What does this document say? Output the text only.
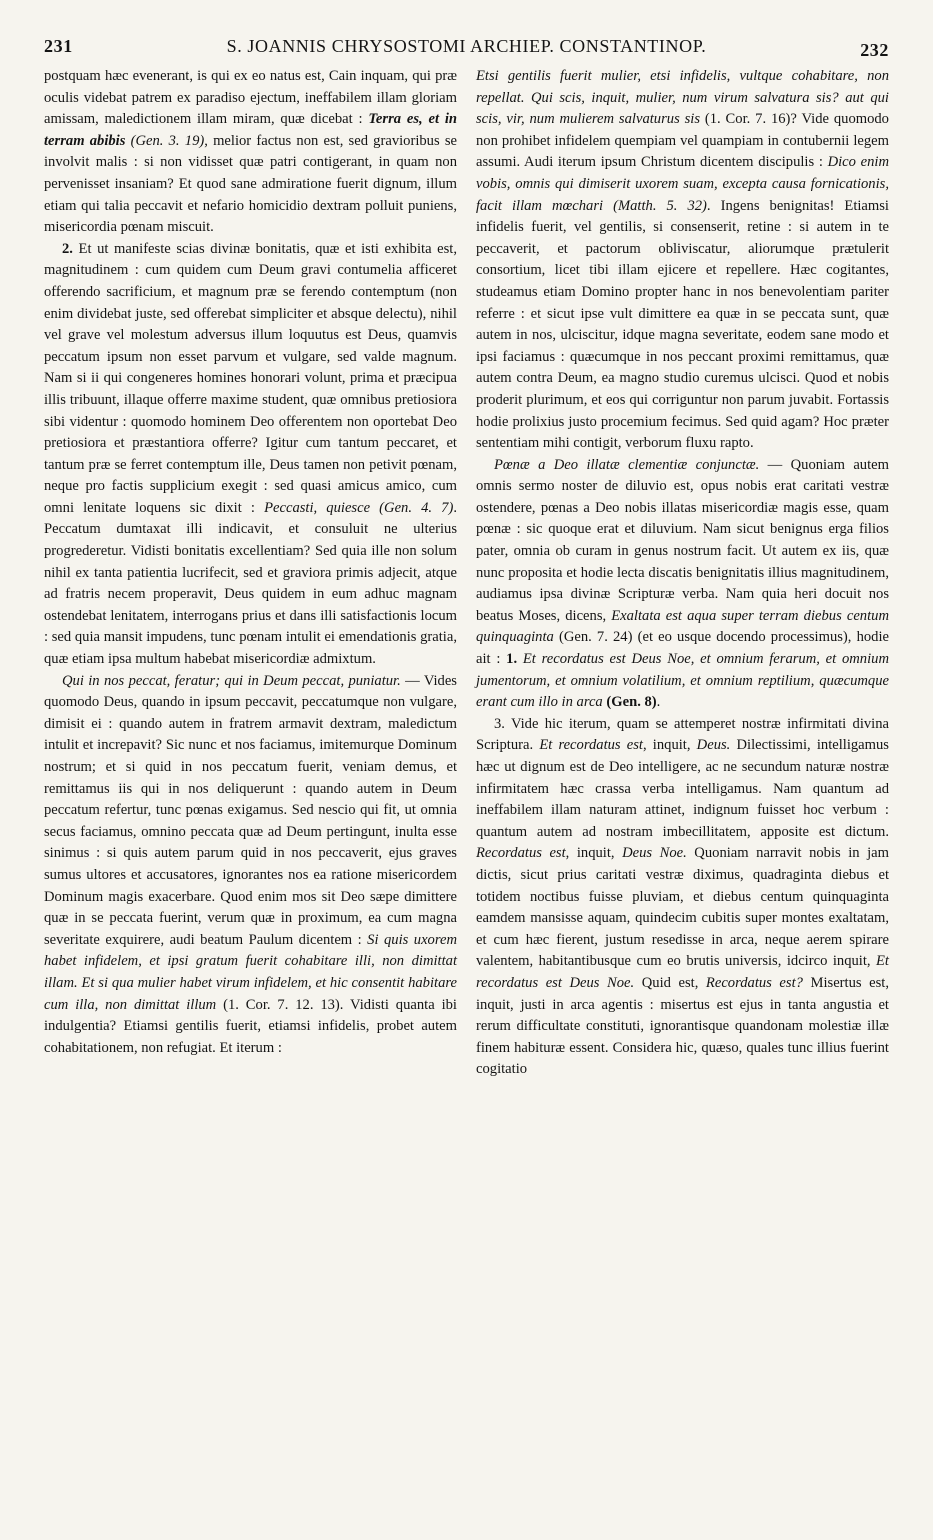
231	S. JOANNIS CHRYSOSTOMI ARCHIEP. CONSTANTINOP.	232

postquam hæc evenerant, is qui ex eo natus est, Cain inquam, qui præ oculis videbat patrem ex paradiso ejectum, ineffabilem illam gloriam amissam, maledictionem illam miram, quæ dicebat : Terra es, et in terram abibis (Gen. 3. 19), melior factus non est, sed gravioribus se involvit malis : si non vidisset quæ patri contigerant, in quam non pervenisset insaniam? Et quod sane admiratione fuerit dignum, illum etiam qui talia peccavit et nefario homicidio dextram polluit puniens, misericordia pœnam miscuit.

2. Et ut manifeste scias divinæ bonitatis, quæ et isti exhibita est, magnitudinem : cum quidem cum Deum gravi contumelia afficeret offerendo sacrificium, et magnum præ se ferendo contemptum (non enim dividebat juste, sed offerebat simpliciter et absque delectu), nihil vel grave vel molestum adversus illum loquutus est Deus, quamvis peccatum ipsum non esset parvum et vulgare, sed valde magnum. Nam si ii qui congeneres homines honorari volunt, prima et præcipua illis tribuunt, illaque offerre maxime student, quæ omnibus pretiosiora sibi videntur : quomodo hominem Deo offerentem non oportebat Deo pretiosiora et præstantiora offerre? Igitur cum tantum peccaret, et tantum præ se ferret contemptum ille, Deus tamen non petivit pœnam, neque pro factis supplicium exegit : sed quasi amicus amico, cum omni lenitate loquens sic dixit : Peccasti, quiesce (Gen. 4. 7). Peccatum dumtaxat illi indicavit, et consuluit ne ulterius progrederetur. Vidisti bonitatis excellentiam? Sed quia ille non solum nihil ex tanta patientia lucrifecit, sed et graviora primis adjecit, atque ad fratris necem properavit, Deus quidem in eum adhuc magnam ostendebat lenitatem, interrogans prius et dans illi satisfactionis locum : sed quia mansit impudens, tunc pœnam intulit ei emendationis gratia, quæ etiam ipsa multum habebat misericordiæ admixtum.

Qui in nos peccat, feratur; qui in Deum peccat, puniatur. — Vides quomodo Deus, quando in ipsum peccavit, peccatumque non vulgare, dimisit ei : quando autem in fratrem armavit dextram, maledictum intulit et increpavit? Sic nunc et nos faciamus, imitemurque Dominum nostrum; et si quid in nos peccatum fuerit, veniam demus, et remittamus iis qui in nos deliquerunt : quando autem in Deum peccatum refertur, tunc pœnas exigamus. Sed nescio qui fit, ut omnia secus faciamus, omnino peccata quæ ad Deum pertingunt, inulta esse sinimus : si quis autem parum quid in nos peccaverit, ejus graves sumus ultores et accusatores, ignorantes nos ea ratione misericordem Dominum magis exacerbare. Quod enim mos sit Deo sæpe dimittere quæ in se peccata fuerint, verum quæ in proximum, ea cum magna severitate exquirere, audi beatum Paulum dicentem : Si quis uxorem habet infidelem, et ipsi gratum fuerit cohabitare illi, non dimittat illam. Et si qua mulier habet virum infidelem, et hic consentit habitare cum illa, non dimittat illum (1. Cor. 7. 12. 13). Vidisti quanta ibi indulgentia? Etiamsi gentilis fuerit, etiamsi infidelis, probet autem cohabitationem, non refugiat. Et iterum :

Etsi gentilis fuerit mulier, etsi infidelis, vultque cohabitare, non repellat. Qui scis, inquit, mulier, num virum salvatura sis? aut qui scis, vir, num mulierem salvaturus sis (1. Cor. 7. 16)? Vide quomodo non prohibet infidelem quempiam vel quampiam in contubernii legem assumi. Audi iterum ipsum Christum dicentem discipulis : Dico enim vobis, omnis qui dimiserit uxorem suam, excepta causa fornicationis, facit illam mœchari (Matth. 5. 32). Ingens benignitas! Etiamsi infidelis fuerit, vel gentilis, si consenserit, retine : si autem in te peccaverit, et pactorum obliviscatur, aliorumque prætulerit consortium, licet tibi illam ejicere et repellere. Hæc cogitantes, studeamus etiam Domino propter hanc in nos benevolentiam pariter referre : et sicut ipse vult dimittere ea quæ in se peccata sunt, quæ autem in nos, ulciscitur, idque magna severitate, eodem sane modo et ipsi faciamus : quæcumque in nos peccant proximi remittamus, quæ autem contra Deum, ea magno studio curemus ulcisci. Quod et nobis proderit plurimum, et eos qui corriguntur non parum juvabit. Fortassis hodie prolixius justo procemium fecimus. Sed quid agam? Hoc præter sententiam mihi contigit, verborum fluxu rapto.

Pœnæ a Deo illatæ clementiæ conjunctæ. — Quoniam autem omnis sermo noster de diluvio est, opus nobis erat caritati vestræ ostendere, pœnas a Deo nobis illatas misericordiæ magis esse, quam pœnæ : sic quoque erat et diluvium. Nam sicut benignus erga filios pater, omnia ob curam in genus nostrum facit. Ut autem ex iis, quæ nunc proposita et hodie lecta discatis benignitatis illius magnitudinem, audiamus ipsa divinæ Scripturæ verba. Nam quia heri docuit nos beatus Moses, dicens, Exaltata est aqua super terram diebus centum quinquaginta (Gen. 7. 24) (et eo usque docendo processimus), hodie ait : 1. Et recordatus est Deus Noe, et omnium ferarum, et omnium jumentorum, et omnium volatilium, et omnium reptilium, quæcumque erant cum illo in arca (Gen. 8).

3. Vide hic iterum, quam se attemperet nostræ infirmitati divina Scriptura. Et recordatus est, inquit, Deus. Dilectissimi, intelligamus hæc ut dignum est de Deo intelligere, ac ne secundum naturæ nostræ infirmitatem hæc crassa verba intelligamus. Nam quantum ad ineffabilem illam naturam attinet, indignum fuisset hoc verbum : quantum autem ad nostram imbecillitatem, apposite est dictum. Recordatus est, inquit, Deus Noe. Quoniam narravit nobis in jam dictis, sicut prius caritati vestræ diximus, quadraginta diebus et totidem noctibus fuisse pluviam, et diebus centum quinquaginta eamdem mansisse aquam, quindecim cubitis super montes exaltatam, et cum hæc fierent, justum resedisse in arca, neque aerem spirare valentem, habitantibusque cum eo brutis universis, idcirco inquit, Et recordatus est Deus Noe. Quid est, Recordatus est? Misertus est, inquit, justi in arca agentis : misertus est ejus in tanta angustia et rerum difficultate constituti, ignorantisque quandonam molestiæ illæ finem habituræ essent. Considera hic, quæso, quales tunc illius fuerint cogitatio
